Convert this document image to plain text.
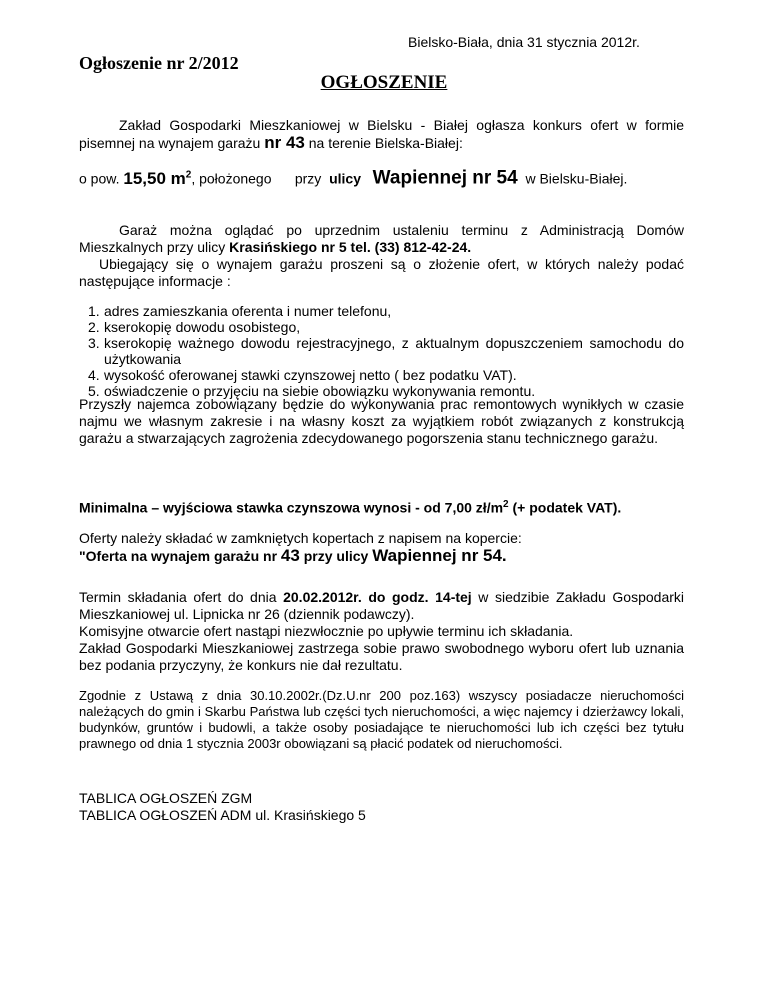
Bielsko-Biała, dnia 31 stycznia 2012r.
Ogłoszenie nr 2/2012
OGŁOSZENIE
Zakład Gospodarki Mieszkaniowej w Bielsku - Białej ogłasza konkurs ofert w formie pisemnej na wynajem garażu nr 43 na terenie Bielska-Białej:
o pow. 15,50 $m^2$, położonego przy ulicy Wapiennej nr 54 w Bielsku-Białej.
Garaż można oglądać po uprzednim ustaleniu terminu z Administracją Domów Mieszkalnych przy ulicy Krasińskiego nr 5 tel. (33) 812-42-24.
Ubiegający się o wynajem garażu proszeni są o złożenie ofert, w których należy podać następujące informacje :
1. adres zamieszkania oferenta i numer telefonu,
2. kserokopię dowodu osobistego,
3. kserokopię ważnego dowodu rejestracyjnego, z aktualnym dopuszczeniem samochodu do użytkowania
4. wysokość oferowanej stawki czynszowej netto ( bez podatku VAT).
5. oświadczenie o przyjęciu na siebie obowiązku wykonywania remontu.
Przyszły najemca zobowiązany będzie do wykonywania prac remontowych wynikłych w czasie najmu we własnym zakresie i na własny koszt za wyjątkiem robót związanych z konstrukcją garażu a stwarzających zagrożenia zdecydowanego pogorszenia stanu technicznego garażu.
Minimalna – wyjściowa stawka czynszowa wynosi - od 7,00 $zł/m^2$ (+ podatek VAT).
Oferty należy składać w zamkniętych kopertach z napisem na kopercie:
"Oferta na wynajem garażu nr 43 przy ulicy Wapiennej nr 54.
Termin składania ofert do dnia 20.02.2012r. do godz. 14-tej w siedzibie Zakładu Gospodarki Mieszkaniowej ul. Lipnicka nr 26 (dziennik podawczy).
Komisyjne otwarcie ofert nastąpi niezwłocznie po upływie terminu ich składania.
Zakład Gospodarki Mieszkaniowej zastrzega sobie prawo swobodnego wyboru ofert lub uznania bez podania przyczyny, że konkurs nie dał rezultatu.
Zgodnie z Ustawą z dnia 30.10.2002r.(Dz.U.nr 200 poz.163) wszyscy posiadacze nieruchomości należących do gmin i Skarbu Państwa lub części tych nieruchomości, a więc najemcy i dzierżawcy lokali, budynków, gruntów i budowli, a także osoby posiadające te nieruchomości lub ich części bez tytułu prawnego od dnia 1 stycznia 2003r obowiązani są płacić podatek od nieruchomości.
TABLICA OGŁOSZEŃ ZGM
TABLICA OGŁOSZEŃ ADM ul. Krasińskiego 5
